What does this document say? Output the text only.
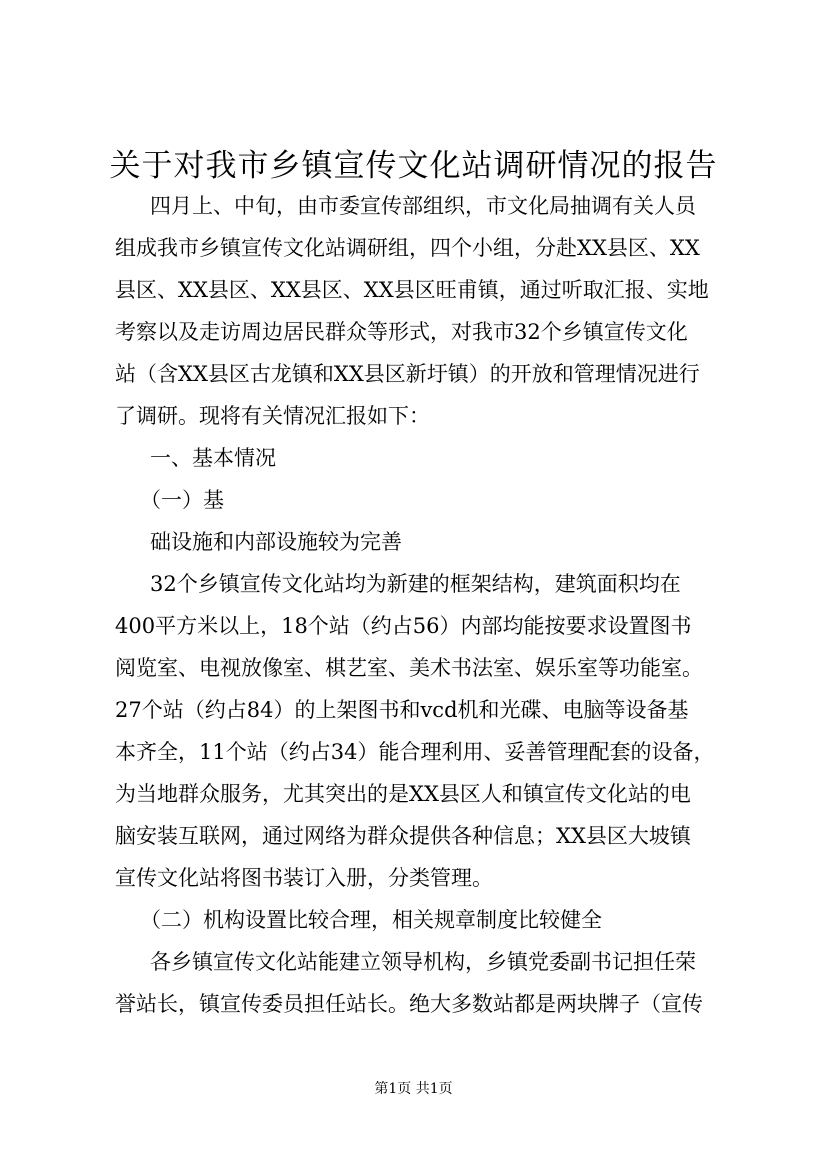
关于对我市乡镇宣传文化站调研情况的报告
四月上、中旬，由市委宣传部组织，市文化局抽调有关人员
组成我市乡镇宣传文化站调研组，四个小组，分赴XX县区、XX
县区、XX县区、XX县区、XX县区旺甫镇，通过听取汇报、实地
考察以及走访周边居民群众等形式，对我市32个乡镇宣传文化
站（含XX县区古龙镇和XX县区新圩镇）的开放和管理情况进行
了调研。现将有关情况汇报如下：
一、基本情况
（一）基
础设施和内部设施较为完善
32个乡镇宣传文化站均为新建的框架结构，建筑面积均在
400平方米以上，18个站（约占56）内部均能按要求设置图书
阅览室、电视放像室、棋艺室、美术书法室、娱乐室等功能室。
27个站（约占84）的上架图书和vcd机和光碟、电脑等设备基
本齐全，11个站（约占34）能合理利用、妥善管理配套的设备，
为当地群众服务，尤其突出的是XX县区人和镇宣传文化站的电
脑安装互联网，通过网络为群众提供各种信息；XX县区大坡镇
宣传文化站将图书装订入册，分类管理。
（二）机构设置比较合理，相关规章制度比较健全
各乡镇宣传文化站能建立领导机构，乡镇党委副书记担任荣
誉站长，镇宣传委员担任站长。绝大多数站都是两块牌子（宣传
第1页 共1页
